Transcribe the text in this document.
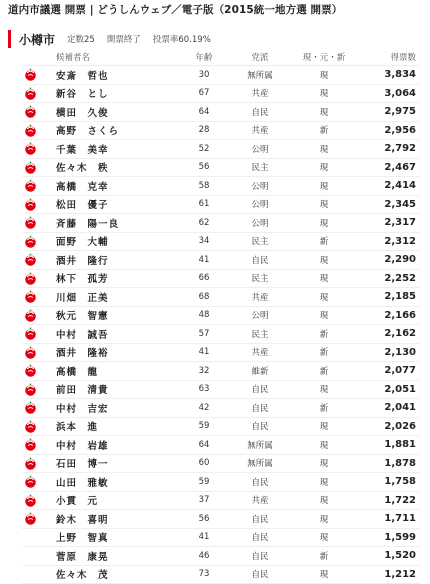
道内市議選 開票 | どうしんウェブ／電子版（2015統一地方選 開票）
小樽市 定数25 開票終了 投票率60.19%
候補者名	年齢	党派	現・元・新	得票数
安斎　哲也	30	無所属	現	3,834
新谷　とし	67	共産	現	3,064
横田　久俊	64	自民	現	2,975
高野　さくら	28	共産	新	2,956
千葉　美幸	52	公明	現	2,792
佐々木　秩	56	民主	現	2,467
高橋　克幸	58	公明	現	2,414
松田　優子	61	公明	現	2,345
斉藤　陽一良	62	公明	現	2,317
面野　大輔	34	民主	新	2,312
酒井　隆行	41	自民	現	2,290
林下　孤芳	66	民主	現	2,252
川畑　正美	68	共産	現	2,185
秋元　智憲	48	公明	現	2,166
中村　誠吾	57	民主	新	2,162
酒井　隆裕	41	共産	新	2,130
高橋　龍	32	維新	新	2,077
前田　清貴	63	自民	現	2,051
中村　吉宏	42	自民	新	2,041
浜本　進	59	自民	現	2,026
中村　岩雄	64	無所属	現	1,881
石田　博一	60	無所属	現	1,878
山田　雅敏	59	自民	現	1,758
小貫　元	37	共産	現	1,722
鈴木　喜明	56	自民	現	1,711
上野　智真	41	自民	現	1,599
菅原　康晃	46	自民	新	1,520
佐々木　茂	73	自民	現	1,212
